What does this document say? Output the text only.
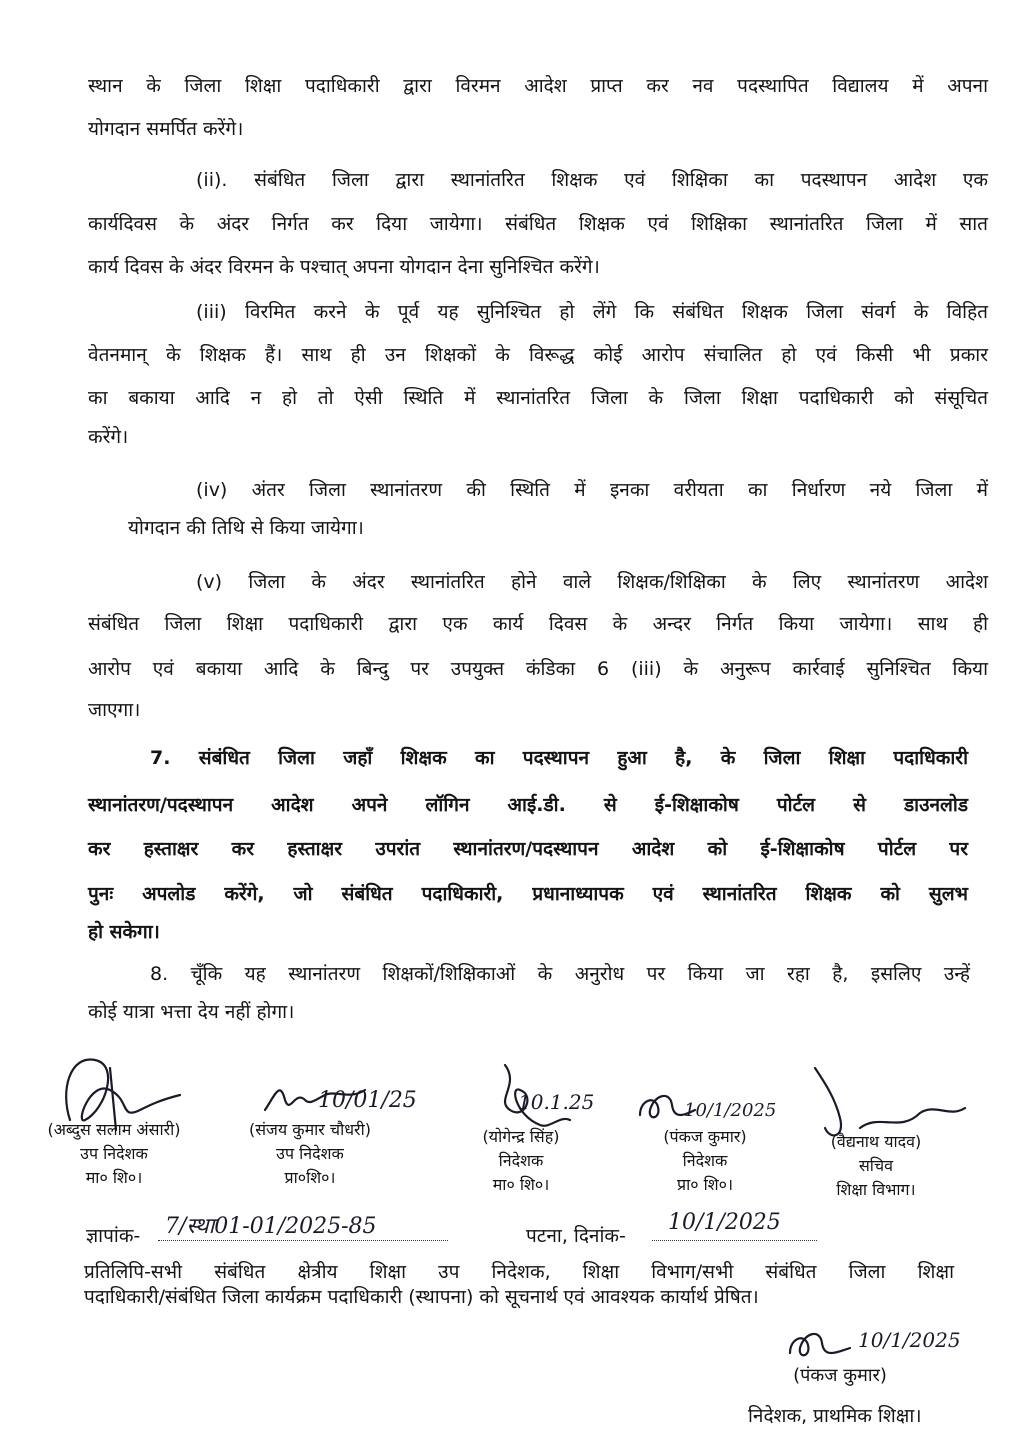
स्थान के जिला शिक्षा पदाधिकारी द्वारा विरमन आदेश प्राप्त कर नव पदस्थापित विद्यालय में अपना
योगदान समर्पित करेंगे।
(ii). संबंधित जिला द्वारा स्थानांतरित शिक्षक एवं शिक्षिका का पदस्थापन आदेश एक
कार्यदिवस के अंदर निर्गत कर दिया जायेगा। संबंधित शिक्षक एवं शिक्षिका स्थानांतरित जिला में सात
कार्य दिवस के अंदर विरमन के पश्चात् अपना योगदान देना सुनिश्चित करेंगे।
(iii) विरमित करने के पूर्व यह सुनिश्चित हो लेंगे कि संबंधित शिक्षक जिला संवर्ग के विहित
वेतनमान् के शिक्षक हैं। साथ ही उन शिक्षकों के विरूद्ध कोई आरोप संचालित हो एवं किसी भी प्रकार
का बकाया आदि न हो तो ऐसी स्थिति में स्थानांतरित जिला के जिला शिक्षा पदाधिकारी को संसूचित
करेंगे।
(iv) अंतर जिला स्थानांतरण की स्थिति में इनका वरीयता का निर्धारण नये जिला में
योगदान की तिथि से किया जायेगा।
(v) जिला के अंदर स्थानांतरित होने वाले शिक्षक/शिक्षिका के लिए स्थानांतरण आदेश
संबंधित जिला शिक्षा पदाधिकारी द्वारा एक कार्य दिवस के अन्दर निर्गत किया जायेगा। साथ ही
आरोप एवं बकाया आदि के बिन्दु पर उपयुक्त कंडिका 6 (iii) के अनुरूप कार्रवाई सुनिश्चित किया
जाएगा।
7. संबंधित जिला जहाँ शिक्षक का पदस्थापन हुआ है, के जिला शिक्षा पदाधिकारी
स्थानांतरण/पदस्थापन आदेश अपने लॉगिन आई.डी. से ई-शिक्षाकोष पोर्टल से डाउनलोड
कर हस्ताक्षर कर हस्ताक्षर उपरांत स्थानांतरण/पदस्थापन आदेश को ई-शिक्षाकोष पोर्टल पर
पुनः अपलोड करेंगे, जो संबंधित पदाधिकारी, प्रधानाध्यापक एवं स्थानांतरित शिक्षक को सुलभ
हो सकेगा।
8. चूँकि यह स्थानांतरण शिक्षकों/शिक्षिकाओं के अनुरोध पर किया जा रहा है, इसलिए उन्हें
कोई यात्रा भत्ता देय नहीं होगा।
10/01/25	10.1.25	10/1/2025
(अब्दुस सलाम अंसारी)
उप निदेशक
मा० शि०।
(संजय कुमार चौधरी)
उप निदेशक
प्रा०शि०।
(योगेन्द्र सिंह)
निदेशक
मा० शि०।
(पंकज कुमार)
निदेशक
प्रा० शि०।
(वैद्यनाथ यादव)
सचिव
शिक्षा विभाग।
ज्ञापांक- 7/स्था01-01/2025-85	पटना, दिनांक-
10/1/2025
प्रतिलिपि-सभी संबंधित क्षेत्रीय शिक्षा उप निदेशक, शिक्षा विभाग/सभी संबंधित जिला शिक्षा
पदाधिकारी/संबंधित जिला कार्यक्रम पदाधिकारी (स्थापना) को सूचनार्थ एवं आवश्यक कार्यार्थ प्रेषित।
10/1/2025
(पंकज कुमार)
निदेशक, प्राथमिक शिक्षा।
